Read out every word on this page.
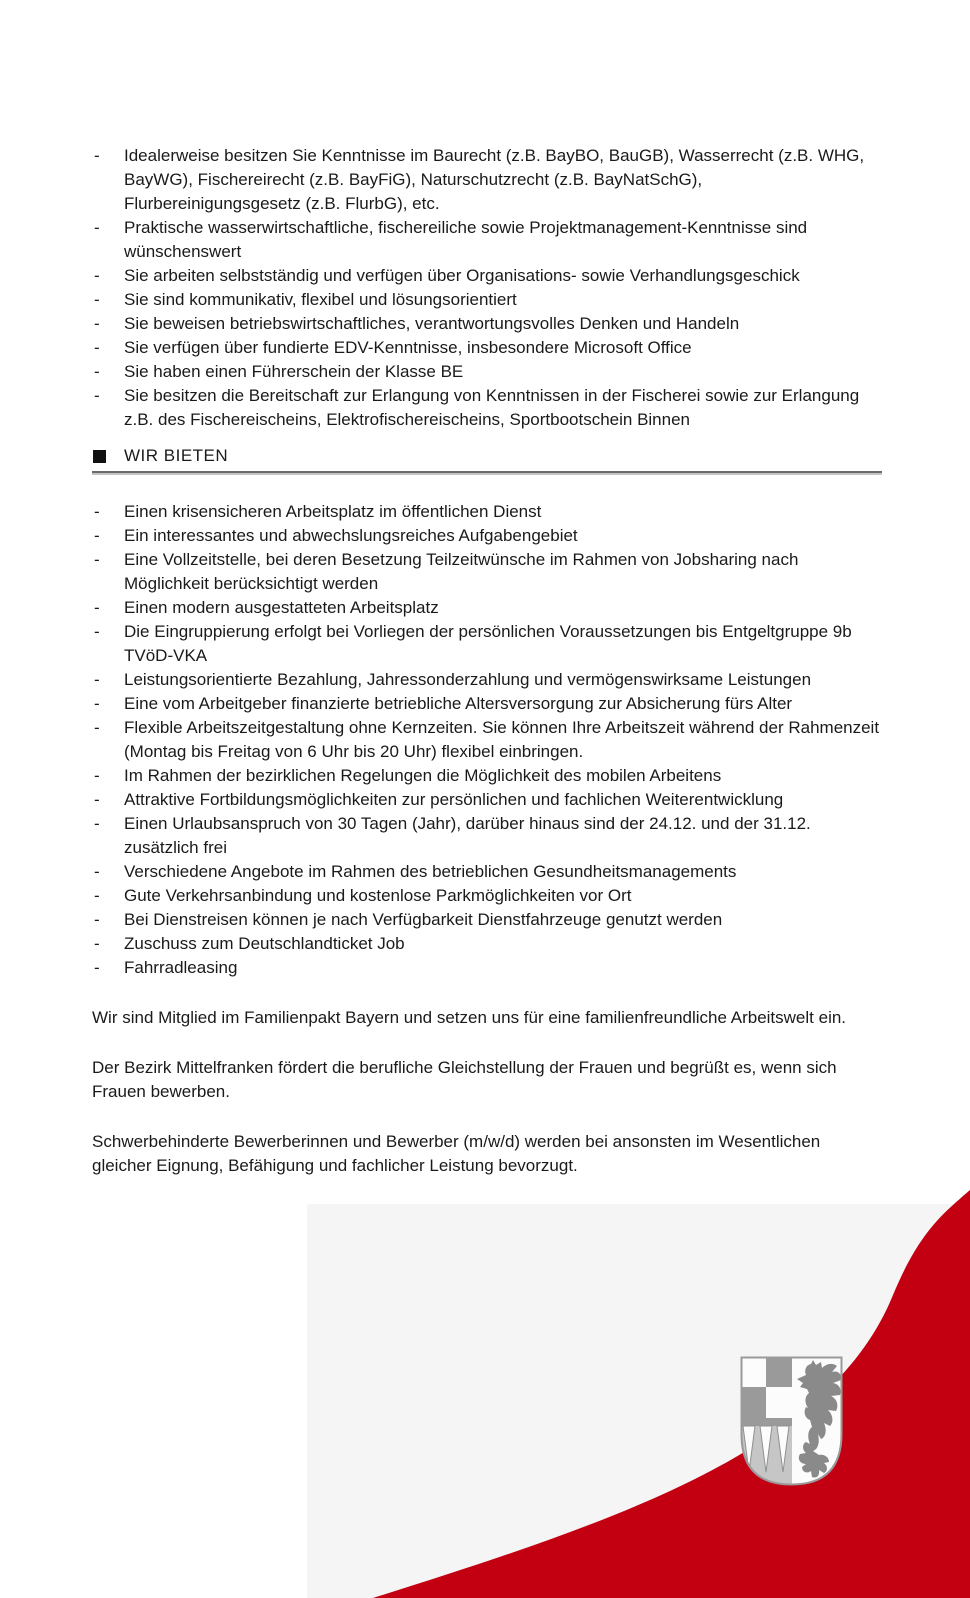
- Idealerweise besitzen Sie Kenntnisse im Baurecht (z.B. BayBO, BauGB), Wasserrecht (z.B. WHG, BayWG), Fischereirecht (z.B. BayFiG), Naturschutzrecht (z.B. BayNatSchG), Flurbereinigungsgesetz (z.B. FlurbG), etc.
- Praktische wasserwirtschaftliche, fischereiliche sowie Projektmanagement-Kenntnisse sind wünschenswert
- Sie arbeiten selbstständig und verfügen über Organisations- sowie Verhandlungsgeschick
- Sie sind kommunikativ, flexibel und lösungsorientiert
- Sie beweisen betriebswirtschaftliches, verantwortungsvolles Denken und Handeln
- Sie verfügen über fundierte EDV-Kenntnisse, insbesondere Microsoft Office
- Sie haben einen Führerschein der Klasse BE
- Sie besitzen die Bereitschaft zur Erlangung von Kenntnissen in der Fischerei sowie zur Erlangung z.B. des Fischereischeins, Elektrofischereischeins, Sportbootschein Binnen
WIR BIETEN
- Einen krisensicheren Arbeitsplatz im öffentlichen Dienst
- Ein interessantes und abwechslungsreiches Aufgabengebiet
- Eine Vollzeitstelle, bei deren Besetzung Teilzeitwünsche im Rahmen von Jobsharing nach Möglichkeit berücksichtigt werden
- Einen modern ausgestatteten Arbeitsplatz
- Die Eingruppierung erfolgt bei Vorliegen der persönlichen Voraussetzungen bis Entgeltgruppe 9b TVöD-VKA
- Leistungsorientierte Bezahlung, Jahressonderzahlung und vermögenswirksame Leistungen
- Eine vom Arbeitgeber finanzierte betriebliche Altersversorgung zur Absicherung fürs Alter
- Flexible Arbeitszeitgestaltung ohne Kernzeiten. Sie können Ihre Arbeitszeit während der Rahmenzeit (Montag bis Freitag von 6 Uhr bis 20 Uhr) flexibel einbringen.
- Im Rahmen der bezirklichen Regelungen die Möglichkeit des mobilen Arbeitens
- Attraktive Fortbildungsmöglichkeiten zur persönlichen und fachlichen Weiterentwicklung
- Einen Urlaubsanspruch von 30 Tagen (Jahr), darüber hinaus sind der 24.12. und der 31.12. zusätzlich frei
- Verschiedene Angebote im Rahmen des betrieblichen Gesundheitsmanagements
- Gute Verkehrsanbindung und kostenlose Parkmöglichkeiten vor Ort
- Bei Dienstreisen können je nach Verfügbarkeit Dienstfahrzeuge genutzt werden
- Zuschuss zum Deutschlandticket Job
- Fahrradleasing

Wir sind Mitglied im Familienpakt Bayern und setzen uns für eine familienfreundliche Arbeitswelt ein.

Der Bezirk Mittelfranken fördert die berufliche Gleichstellung der Frauen und begrüßt es, wenn sich Frauen bewerben.

Schwerbehinderte Bewerberinnen und Bewerber (m/w/d) werden bei ansonsten im Wesentlichen gleicher Eignung, Befähigung und fachlicher Leistung bevorzugt.
